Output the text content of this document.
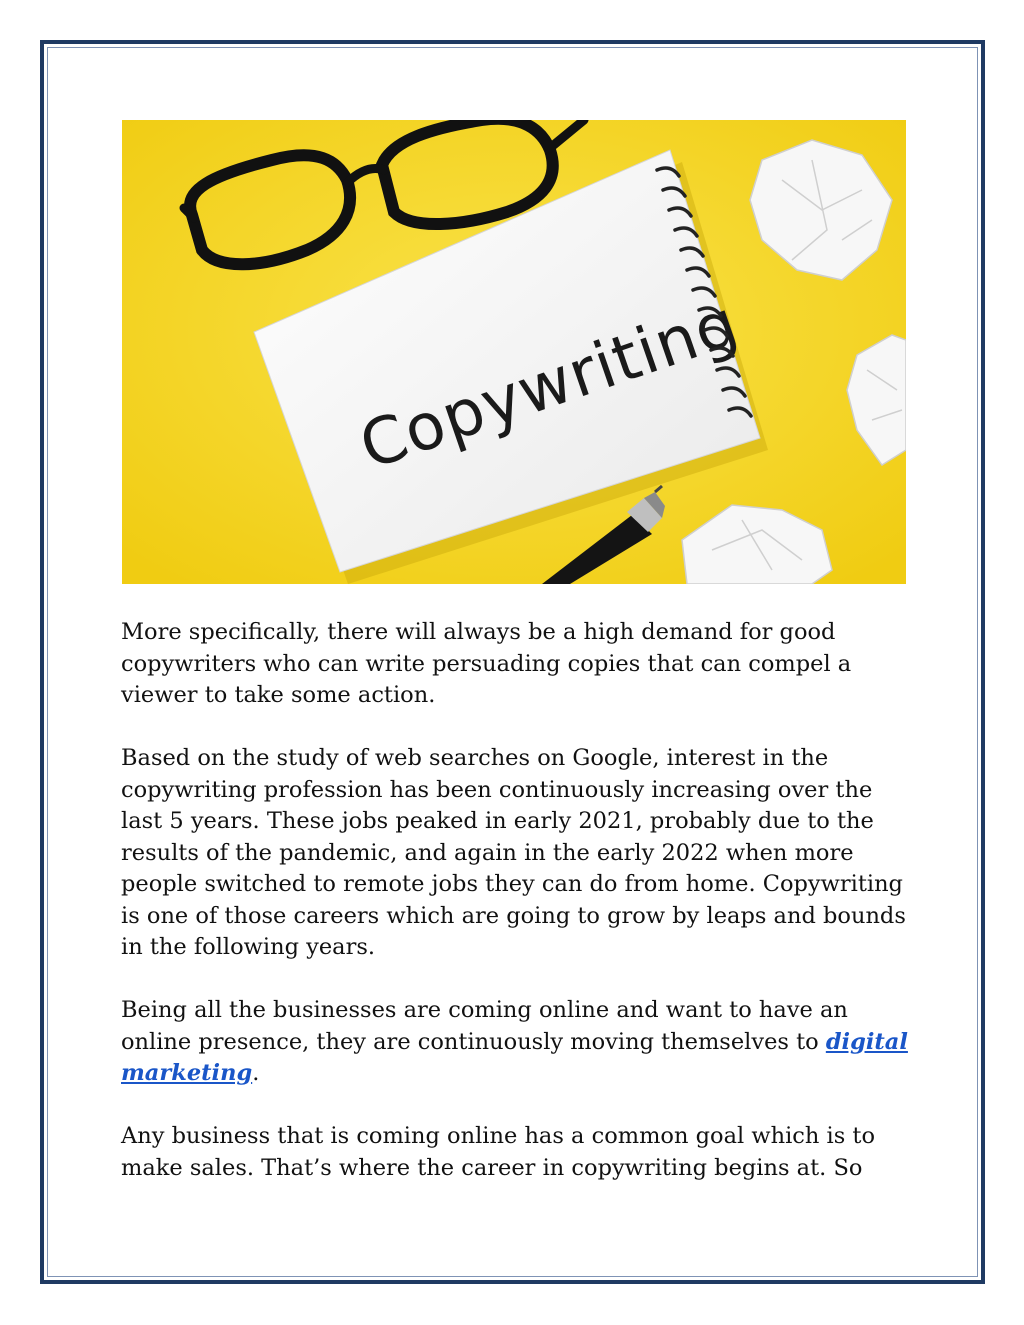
Copywriting

More specifically, there will always be a high demand for good copywriters who can write persuading copies that can compel a viewer to take some action.

Based on the study of web searches on Google, interest in the copywriting profession has been continuously increasing over the last 5 years. These jobs peaked in early 2021, probably due to the results of the pandemic, and again in the early 2022 when more people switched to remote jobs they can do from home. Copywriting is one of those careers which are going to grow by leaps and bounds in the following years.

Being all the businesses are coming online and want to have an online presence, they are continuously moving themselves to digital marketing.

Any business that is coming online has a common goal which is to make sales. That’s where the career in copywriting begins at. So
